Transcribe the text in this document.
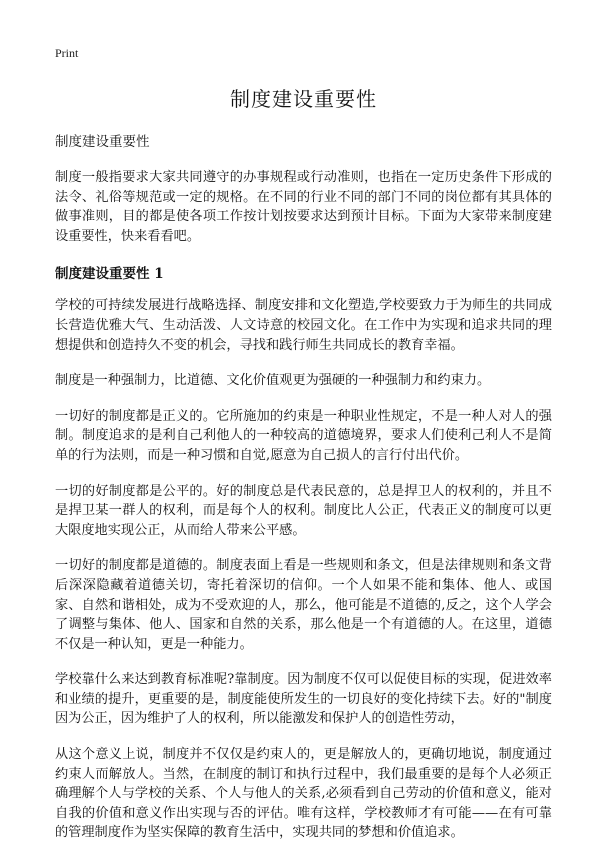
Print
制度建设重要性

制度建设重要性

制度一般指要求大家共同遵守的办事规程或行动准则，也指在一定历史条件下形成的法令、礼俗等规范或一定的规格。在不同的行业不同的部门不同的岗位都有其具体的做事准则，目的都是使各项工作按计划按要求达到预计目标。下面为大家带来制度建设重要性，快来看看吧。

制度建设重要性 1

学校的可持续发展进行战略选择、制度安排和文化塑造,学校要致力于为师生的共同成长营造优雅大气、生动活泼、人文诗意的校园文化。在工作中为实现和追求共同的理想提供和创造持久不变的机会，寻找和践行师生共同成长的教育幸福。

制度是一种强制力，比道德、文化价值观更为强硬的一种强制力和约束力。

一切好的制度都是正义的。它所施加的约束是一种职业性规定，不是一种人对人的强制。制度追求的是利自己利他人的一种较高的道德境界，要求人们使利己利人不是简单的行为法则，而是一种习惯和自觉,愿意为自己损人的言行付出代价。

一切的好制度都是公平的。好的制度总是代表民意的，总是捍卫人的权利的，并且不是捍卫某一群人的权利，而是每个人的权利。制度比人公正，代表正义的制度可以更大限度地实现公正，从而给人带来公平感。

一切好的制度都是道德的。制度表面上看是一些规则和条文，但是法律规则和条文背后深深隐藏着道德关切，寄托着深切的信仰。一个人如果不能和集体、他人、或国家、自然和谐相处，成为不受欢迎的人，那么，他可能是不道德的,反之，这个人学会了调整与集体、他人、国家和自然的关系，那么他是一个有道德的人。在这里，道德不仅是一种认知，更是一种能力。

学校靠什么来达到教育标准呢?靠制度。因为制度不仅可以促使目标的实现，促进效率和业绩的提升，更重要的是，制度能使所发生的一切良好的变化持续下去。好的"制度因为公正，因为维护了人的权利，所以能激发和保护人的创造性劳动，

从这个意义上说，制度并不仅仅是约束人的，更是解放人的，更确切地说，制度通过约束人而解放人。当然，在制度的制订和执行过程中，我们最重要的是每个人必须正确理解个人与学校的关系、个人与他人的关系,必须看到自己劳动的价值和意义，能对自我的价值和意义作出实现与否的评估。唯有这样，学校教师才有可能——在有可靠的管理制度作为坚实保障的教育生活中，实现共同的梦想和价值追求。
